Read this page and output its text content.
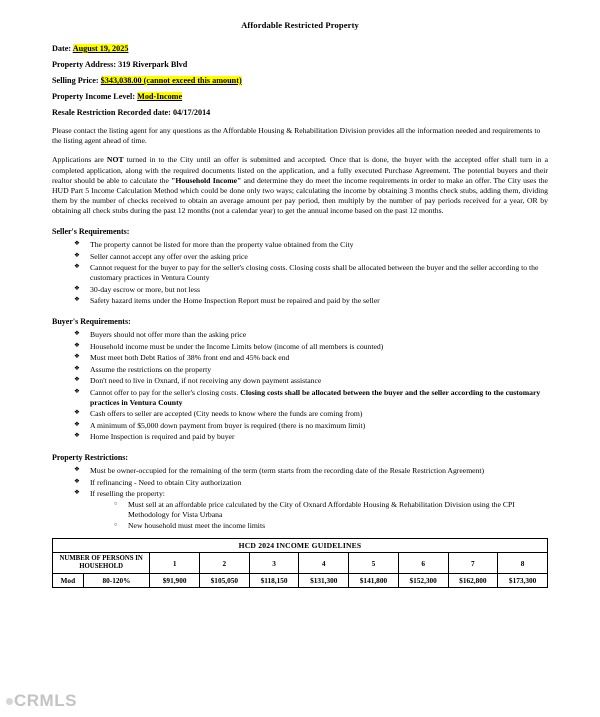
Affordable Restricted Property
Date: August 19, 2025
Property Address: 319 Riverpark Blvd
Selling Price: $343,038.00 (cannot exceed this amount)
Property Income Level: Mod-Income
Resale Restriction Recorded date: 04/17/2014
Please contact the listing agent for any questions as the Affordable Housing & Rehabilitation Division provides all the information needed and requirements to the listing agent ahead of time.
Applications are NOT turned in to the City until an offer is submitted and accepted. Once that is done, the buyer with the accepted offer shall turn in a completed application, along with the required documents listed on the application, and a fully executed Purchase Agreement. The potential buyers and their realtor should be able to calculate the "Household Income" and determine they do meet the income requirements in order to make an offer. The City uses the HUD Part 5 Income Calculation Method which could be done only two ways; calculating the income by obtaining 3 months check stubs, adding them, dividing them by the number of checks received to obtain an average amount per pay period, then multiply by the number of pay periods received for a year, OR by obtaining all check stubs during the past 12 months (not a calendar year) to get the annual income based on the past 12 months.
Seller's Requirements:
❖ The property cannot be listed for more than the property value obtained from the City
❖ Seller cannot accept any offer over the asking price
❖ Cannot request for the buyer to pay for the seller's closing costs. Closing costs shall be allocated between the buyer and the seller according to the customary practices in Ventura County
❖ 30-day escrow or more, but not less
❖ Safety hazard items under the Home Inspection Report must be repaired and paid by the seller
Buyer's Requirements:
❖ Buyers should not offer more than the asking price
❖ Household income must be under the Income Limits below (income of all members is counted)
❖ Must meet both Debt Ratios of 38% front end and 45% back end
❖ Assume the restrictions on the property
❖ Don't need to live in Oxnard, if not receiving any down payment assistance
❖ Cannot offer to pay for the seller's closing costs. Closing costs shall be allocated between the buyer and the seller according to the customary practices in Ventura County
❖ Cash offers to seller are accepted (City needs to know where the funds are coming from)
❖ A minimum of $5,000 down payment from buyer is required (there is no maximum limit)
❖ Home Inspection is required and paid by buyer
Property Restrictions:
❖ Must be owner-occupied for the remaining of the term (term starts from the recording date of the Resale Restriction Agreement)
❖ If refinancing - Need to obtain City authorization
❖ If reselling the property:
○ Must sell at an affordable price calculated by the City of Oxnard Affordable Housing & Rehabilitation Division using the CPI Methodology for Vista Urbana
○ New household must meet the income limits
HCD 2024 INCOME GUIDELINES									
NUMBER OF PERSONS IN HOUSEHOLD		1	2	3	4	5	6	7	8
Mod	80-120%	$91,900	$105,050	$118,150	$131,300	$141,800	$152,300	$162,800	$173,300
CRMLS
